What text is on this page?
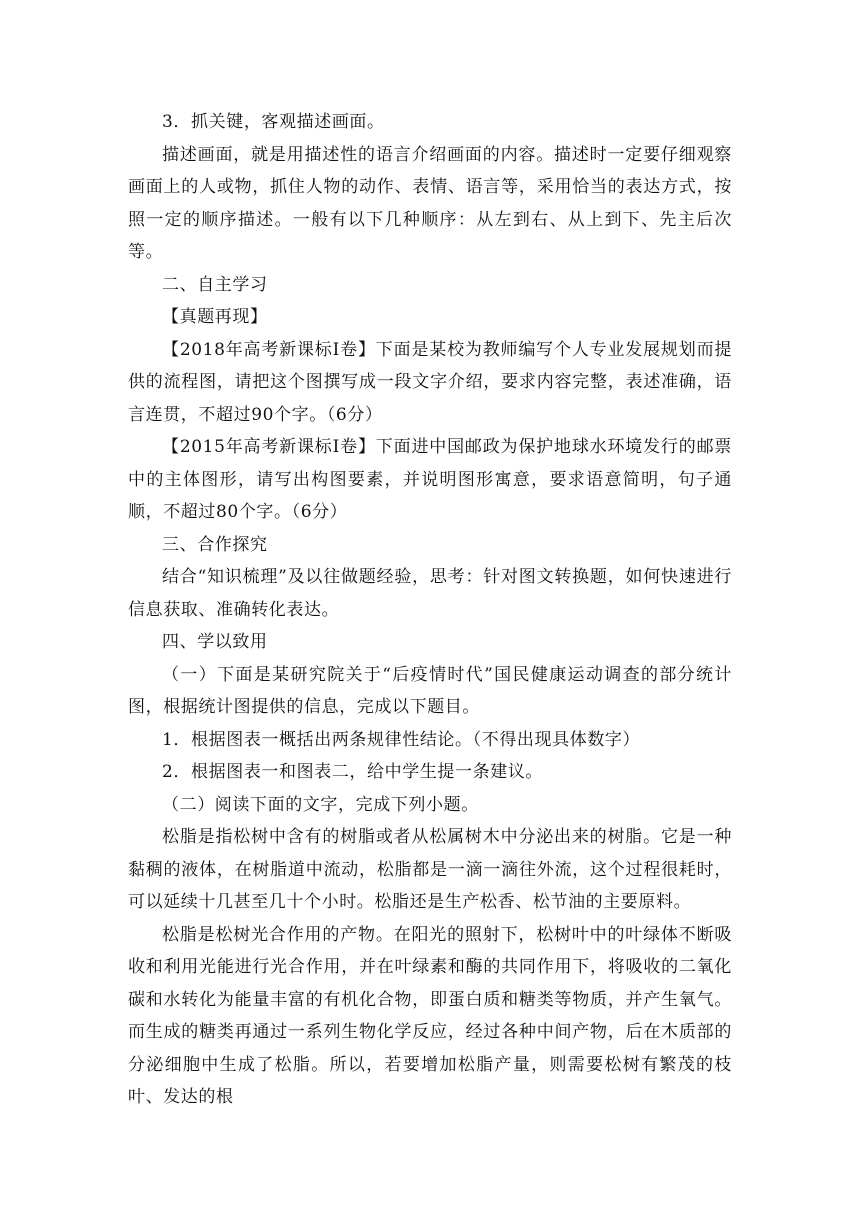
3．抓关键，客观描述画面。

描述画面，就是用描述性的语言介绍画面的内容。描述时一定要仔细观察画面上的人或物，抓住人物的动作、表情、语言等，采用恰当的表达方式，按照一定的顺序描述。一般有以下几种顺序：从左到右、从上到下、先主后次等。

二、自主学习

【真题再现】

【2018年高考新课标Ⅰ卷】下面是某校为教师编写个人专业发展规划而提供的流程图，请把这个图撰写成一段文字介绍，要求内容完整，表述准确，语言连贯，不超过90个字。（6分）

【2015年高考新课标Ⅰ卷】下面进中国邮政为保护地球水环境发行的邮票中的主体图形，请写出构图要素，并说明图形寓意，要求语意简明，句子通顺，不超过80个字。（6分）

三、合作探究

结合“知识梳理”及以往做题经验，思考：针对图文转换题，如何快速进行信息获取、准确转化表达。

四、学以致用

（一）下面是某研究院关于“后疫情时代”国民健康运动调查的部分统计图，根据统计图提供的信息，完成以下题目。

1．根据图表一概括出两条规律性结论。（不得出现具体数字）

2．根据图表一和图表二，给中学生提一条建议。

（二）阅读下面的文字，完成下列小题。

松脂是指松树中含有的树脂或者从松属树木中分泌出来的树脂。它是一种黏稠的液体，在树脂道中流动，松脂都是一滴一滴往外流，这个过程很耗时，可以延续十几甚至几十个小时。松脂还是生产松香、松节油的主要原料。

松脂是松树光合作用的产物。在阳光的照射下，松树叶中的叶绿体不断吸收和利用光能进行光合作用，并在叶绿素和酶的共同作用下，将吸收的二氧化碳和水转化为能量丰富的有机化合物，即蛋白质和糖类等物质，并产生氧气。而生成的糖类再通过一系列生物化学反应，经过各种中间产物，后在木质部的分泌细胞中生成了松脂。所以，若要增加松脂产量，则需要松树有繁茂的枝叶、发达的根
